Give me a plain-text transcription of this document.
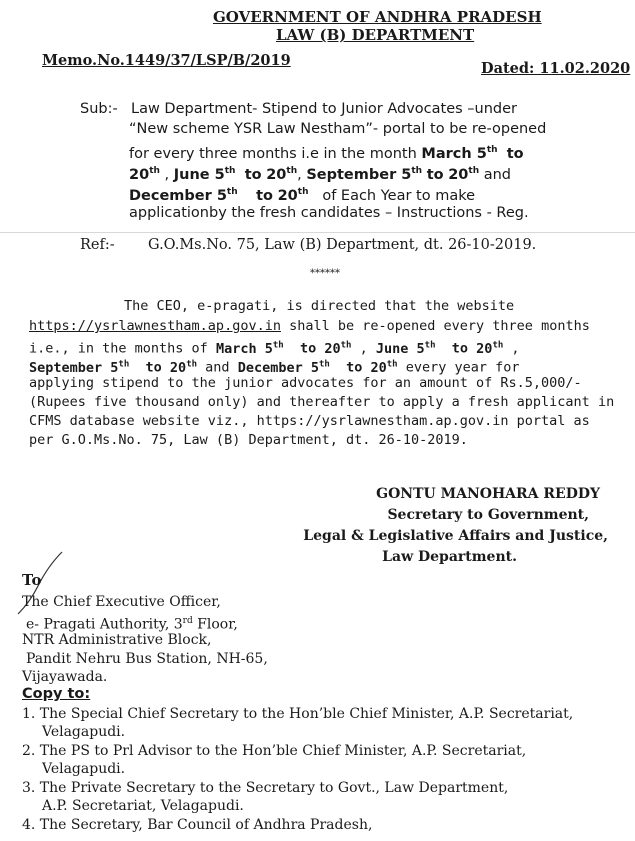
GOVERNMENT OF ANDHRA PRADESH
LAW (B) DEPARTMENT
Memo.No.1449/37/LSP/B/2019	Dated: 11.02.2020
Sub:- Law Department- Stipend to Junior Advocates –under
“New scheme YSR Law Nestham”- portal to be re-opened
for every three months i.e in the month March 5th to
20th , June 5th to 20th, September 5th to 20th and
December 5th to 20th of Each Year to make
applicationby the fresh candidates – Instructions - Reg.
Ref:- G.O.Ms.No. 75, Law (B) Department, dt. 26-10-2019.
******
The CEO, e-pragati, is directed that the website
https://ysrlawnestham.ap.gov.in shall be re-opened every three months
i.e., in the months of March 5th to 20th , June 5th to 20th ,
September 5th to 20th and December 5th to 20th every year for
applying stipend to the junior advocates for an amount of Rs.5,000/-
(Rupees five thousand only) and thereafter to apply a fresh applicant in
CFMS database website viz., https://ysrlawnestham.ap.gov.in portal as
per G.O.Ms.No. 75, Law (B) Department, dt. 26-10-2019.
GONTU MANOHARA REDDY
Secretary to Government,
Legal & Legislative Affairs and Justice,
Law Department.
To
The Chief Executive Officer,
e- Pragati Authority, 3rd Floor,
NTR Administrative Block,
Pandit Nehru Bus Station, NH-65,
Vijayawada.
Copy to:
1. The Special Chief Secretary to the Hon’ble Chief Minister, A.P. Secretariat,
Velagapudi.
2. The PS to Prl Advisor to the Hon’ble Chief Minister, A.P. Secretariat,
Velagapudi.
3. The Private Secretary to the Secretary to Govt., Law Department,
A.P. Secretariat, Velagapudi.
4. The Secretary, Bar Council of Andhra Pradesh,
